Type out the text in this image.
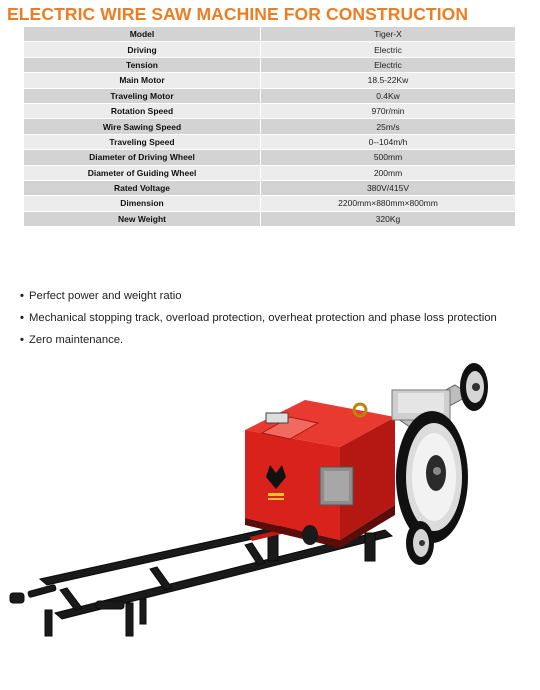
ELECTRIC WIRE SAW MACHINE FOR CONSTRUCTION
Model	Tiger-X
Driving	Electric
Tension	Electric
Main Motor	18.5-22Kw
Traveling Motor	0.4Kw
Rotation Speed	970r/min
Wire Sawing Speed	25m/s
Traveling Speed	0--104m/h
Diameter of Driving Wheel	500mm
Diameter of Guiding Wheel	200mm
Rated Voltage	380V/415V
Dimension	2200mm×880mm×800mm
New Weight	320Kg
• Perfect power and weight ratio
• Mechanical stopping track, overload protection, overheat protection and phase loss protection
• Zero maintenance.
